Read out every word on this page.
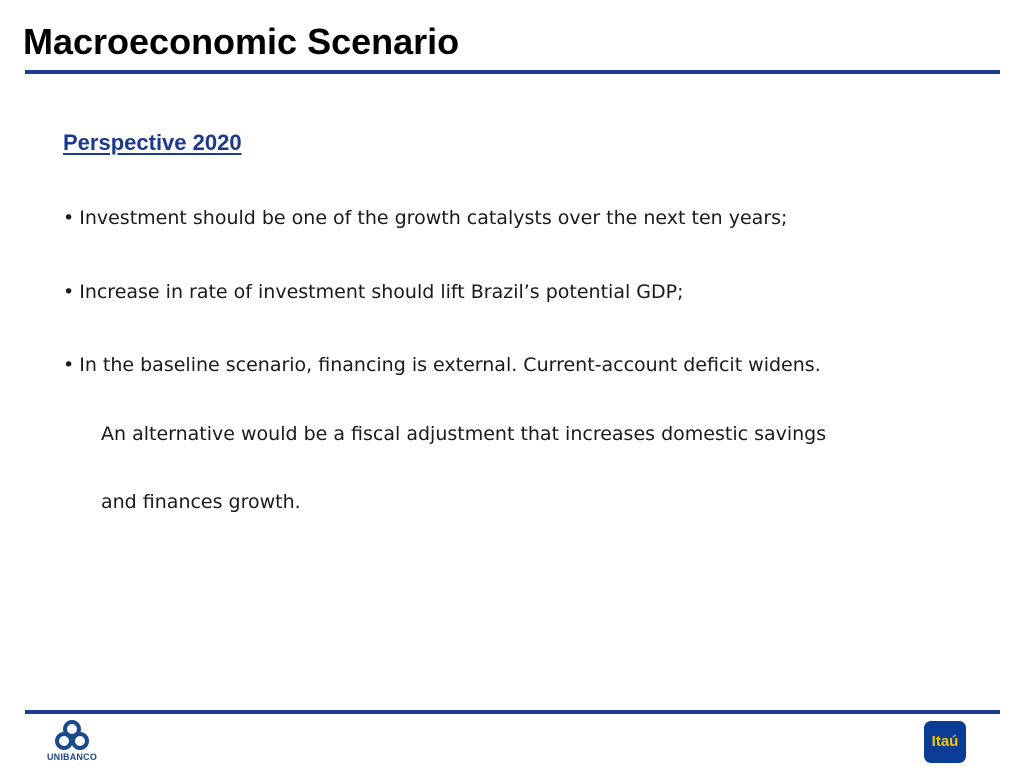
Macroeconomic Scenario
Perspective 2020
• Investment should be one of the growth catalysts over the next ten years;
• Increase in rate of investment should lift Brazil’s potential GDP;
• In the baseline scenario, financing is external. Current-account deficit widens.
An alternative would be a fiscal adjustment that increases domestic savings
and finances growth.
UNIBANCO
Itaú
